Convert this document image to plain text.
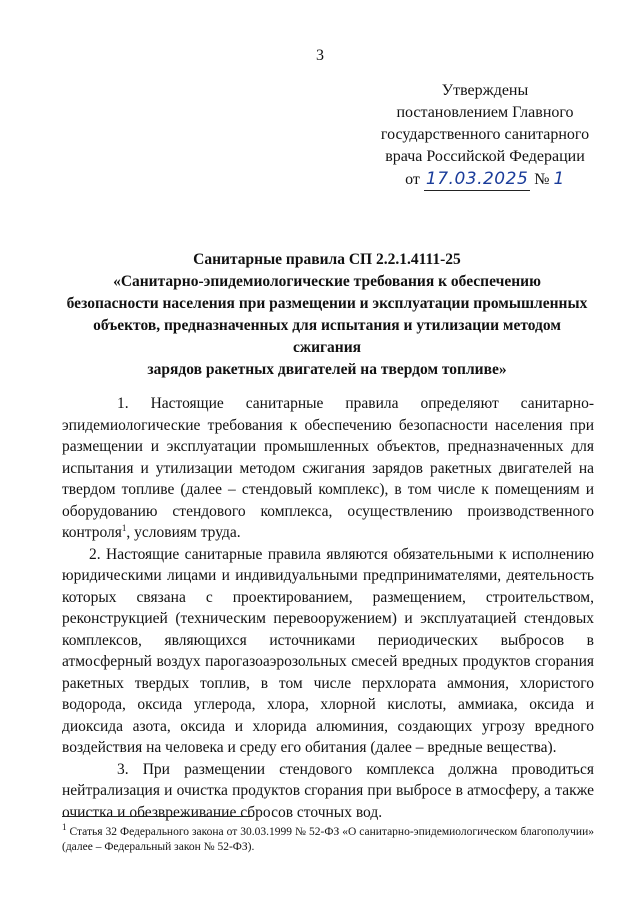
3
Утверждены
постановлением Главного
государственного санитарного
врача Российской Федерации
от 17.03.2025 № 1
Санитарные правила СП 2.2.1.4111-25
«Санитарно-эпидемиологические требования к обеспечению
безопасности населения при размещении и эксплуатации промышленных
объектов, предназначенных для испытания и утилизации методом сжигания
зарядов ракетных двигателей на твердом топливе»

1. Настоящие санитарные правила определяют санитарно-эпидемиологические требования к обеспечению безопасности населения при размещении и эксплуатации промышленных объектов, предназначенных для испытания и утилизации методом сжигания зарядов ракетных двигателей на твердом топливе (далее – стендовый комплекс), в том числе к помещениям и оборудованию стендового комплекса, осуществлению производственного контроля$^1$, условиям труда.

2. Настоящие санитарные правила являются обязательными к исполнению юридическими лицами и индивидуальными предпринимателями, деятельность которых связана с проектированием, размещением, строительством, реконструкцией (техническим перевооружением) и эксплуатацией стендовых комплексов, являющихся источниками периодических выбросов в атмосферный воздух парогазоаэрозольных смесей вредных продуктов сгорания ракетных твердых топлив, в том числе перхлората аммония, хлористого водорода, оксида углерода, хлора, хлорной кислоты, аммиака, оксида и диоксида азота, оксида и хлорида алюминия, создающих угрозу вредного воздействия на человека и среду его обитания (далее – вредные вещества).

3. При размещении стендового комплекса должна проводиться нейтрализация и очистка продуктов сгорания при выбросе в атмосферу, а также очистка и обезвреживание сбросов сточных вод.

$^1$ Статья 32 Федерального закона от 30.03.1999 № 52-ФЗ «О санитарно-эпидемиологическом благополучии» (далее – Федеральный закон № 52-ФЗ).
